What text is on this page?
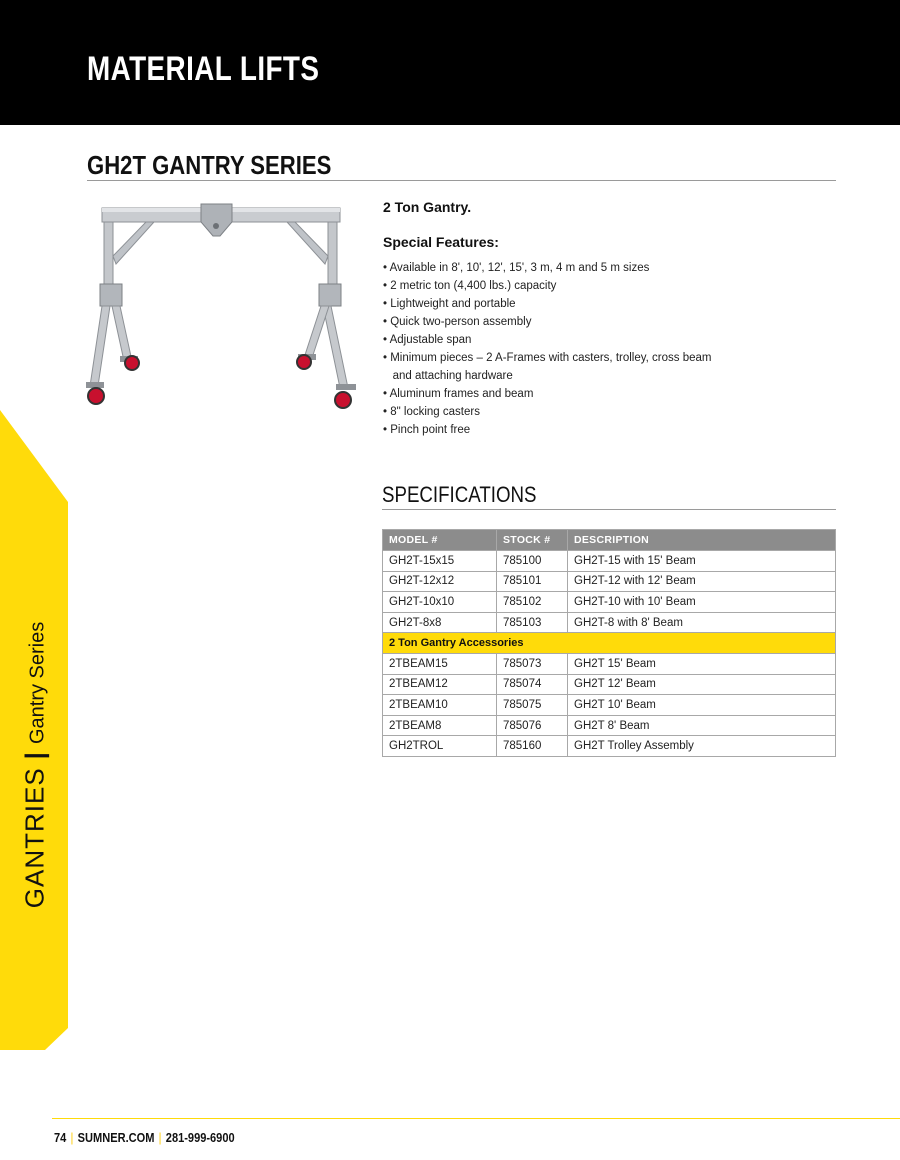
MATERIAL LIFTS
GH2T GANTRY SERIES
2 Ton Gantry.
Special Features:
• Available in 8', 10', 12', 15', 3 m, 4 m and 5 m sizes
• 2 metric ton (4,400 lbs.) capacity
• Lightweight and portable
• Quick two-person assembly
• Adjustable span
• Minimum pieces – 2 A-Frames with casters, trolley, cross beam
and attaching hardware
• Aluminum frames and beam
• 8" locking casters
• Pinch point free
SPECIFICATIONS
MODEL #	STOCK #	DESCRIPTION
GH2T-15x15	785100	GH2T-15 with 15' Beam
GH2T-12x12	785101	GH2T-12 with 12' Beam
GH2T-10x10	785102	GH2T-10 with 10' Beam
GH2T-8x8	785103	GH2T-8 with 8' Beam
2 Ton Gantry Accessories		
2TBEAM15	785073	GH2T 15' Beam
2TBEAM12	785074	GH2T 12' Beam
2TBEAM10	785075	GH2T 10' Beam
2TBEAM8	785076	GH2T 8' Beam
GH2TROL	785160	GH2T Trolley Assembly
GANTRIES|Gantry Series
74 | SUMNER.COM | 281-999-6900
